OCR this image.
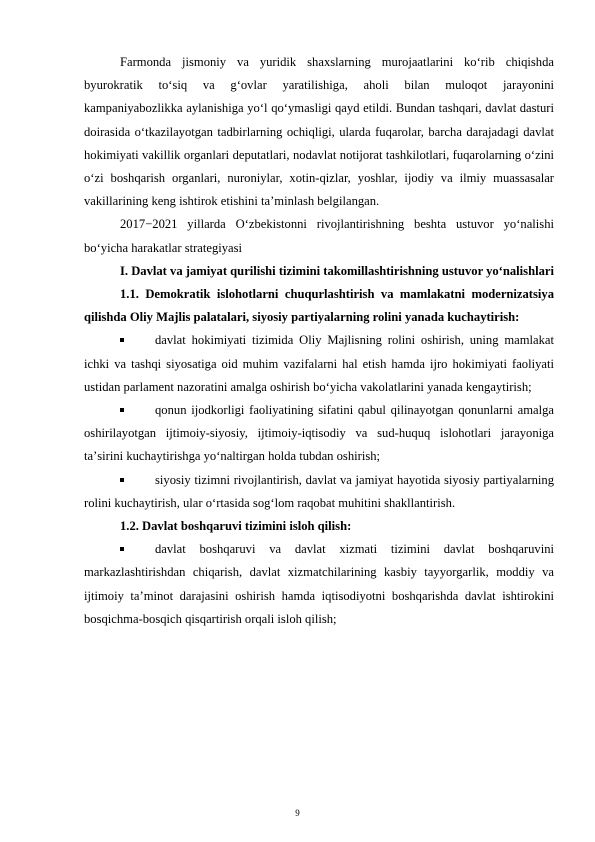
Farmonda jismoniy va yuridik shaxslarning murojaatlarini koʻrib chiqishda byurokratik toʻsiq va gʻovlar yaratilishiga, aholi bilan muloqot jarayonini kampaniyabozlikka aylanishiga yoʻl qoʻymasligi qayd etildi. Bundan tashqari, davlat dasturi doirasida oʻtkazilayotgan tadbirlarning ochiqligi, ularda fuqarolar, barcha darajadagi davlat hokimiyati vakillik organlari deputatlari, nodavlat notijorat tashkilotlari, fuqarolarning oʻzini oʻzi boshqarish organlari, nuroniylar, xotin-qizlar, yoshlar, ijodiy va ilmiy muassasalar vakillarining keng ishtirok etishini taʼminlash belgilangan.

2017−2021 yillarda Oʻzbekistonni rivojlantirishning beshta ustuvor yoʻnalishi boʻyicha harakatlar strategiyasi

I. Davlat va jamiyat qurilishi tizimini takomillashtirishning ustuvor yoʻnalishlari

1.1. Demokratik islohotlarni chuqurlashtirish va mamlakatni modernizatsiya qilishda Oliy Majlis palatalari, siyosiy partiyalarning rolini yanada kuchaytirish:

davlat hokimiyati tizimida Oliy Majlisning rolini oshirish, uning mamlakat ichki va tashqi siyosatiga oid muhim vazifalarni hal etish hamda ijro hokimiyati faoliyati ustidan parlament nazoratini amalga oshirish boʻyicha vakolatlarini yanada kengaytirish;

qonun ijodkorligi faoliyatining sifatini qabul qilinayotgan qonunlarni amalga oshirilayotgan ijtimoiy-siyosiy, ijtimoiy-iqtisodiy va sud-huquq islohotlari jarayoniga taʼsirini kuchaytirishga yoʻnaltirgan holda tubdan oshirish;

siyosiy tizimni rivojlantirish, davlat va jamiyat hayotida siyosiy partiyalarning rolini kuchaytirish, ular oʻrtasida sogʻlom raqobat muhitini shakllantirish.

1.2. Davlat boshqaruvi tizimini isloh qilish:

davlat boshqaruvi va davlat xizmati tizimini davlat boshqaruvini markazlashtirishdan chiqarish, davlat xizmatchilarining kasbiy tayyorgarlik, moddiy va ijtimoiy taʼminot darajasini oshirish hamda iqtisodiyotni boshqarishda davlat ishtirokini bosqichma-bosqich qisqartirish orqali isloh qilish;

9
